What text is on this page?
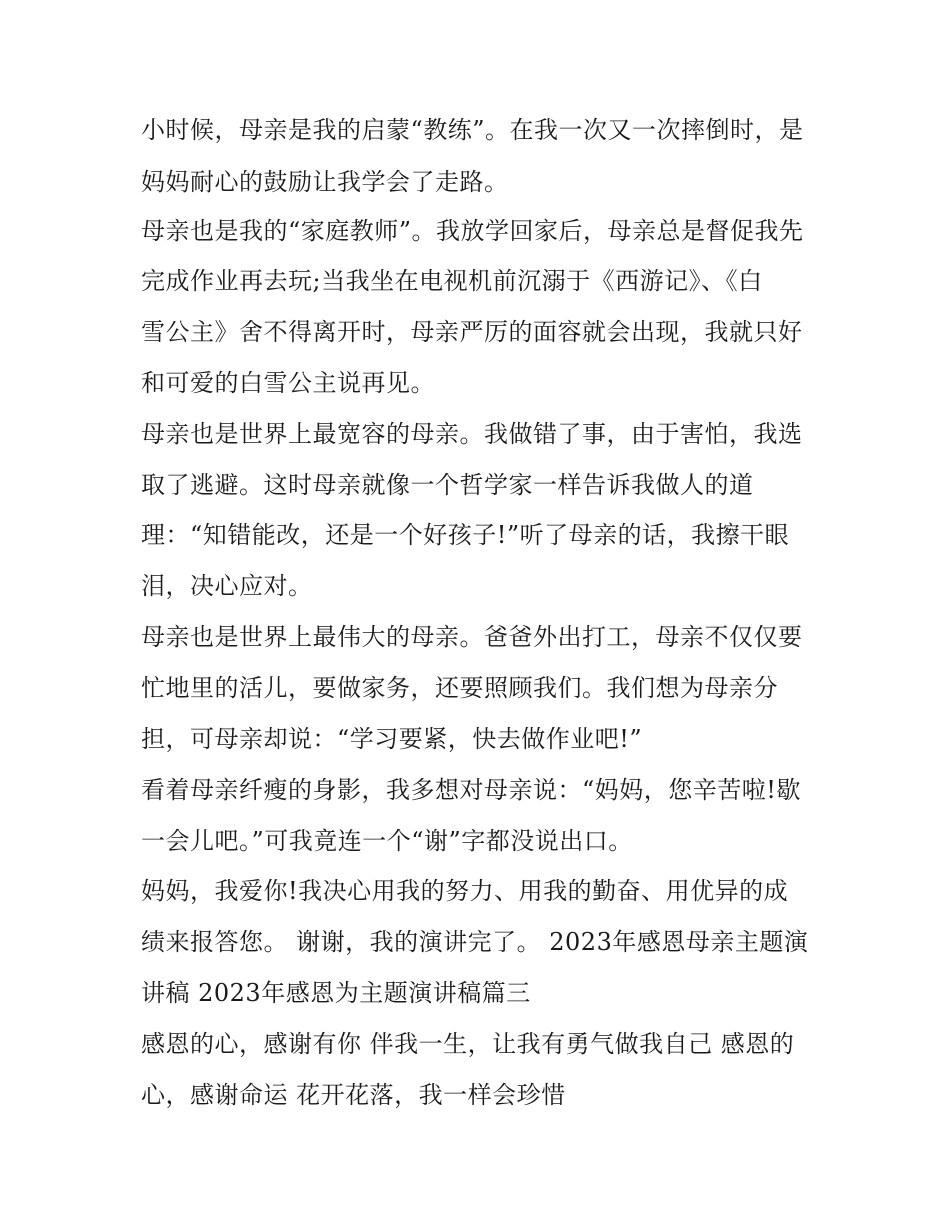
小时候，母亲是我的启蒙“教练”。在我一次又一次摔倒时，是
妈妈耐心的鼓励让我学会了走路。
母亲也是我的“家庭教师”。我放学回家后，母亲总是督促我先
完成作业再去玩;当我坐在电视机前沉溺于《西游记》、《白
雪公主》舍不得离开时，母亲严厉的面容就会出现，我就只好
和可爱的白雪公主说再见。
母亲也是世界上最宽容的母亲。我做错了事，由于害怕，我选
取了逃避。这时母亲就像一个哲学家一样告诉我做人的道
理：“知错能改，还是一个好孩子!”听了母亲的话，我擦干眼
泪，决心应对。
母亲也是世界上最伟大的母亲。爸爸外出打工，母亲不仅仅要
忙地里的活儿，要做家务，还要照顾我们。我们想为母亲分
担，可母亲却说：“学习要紧，快去做作业吧!”
看着母亲纤瘦的身影，我多想对母亲说：“妈妈，您辛苦啦!歇
一会儿吧。”可我竟连一个“谢”字都没说出口。
妈妈，我爱你!我决心用我的努力、用我的勤奋、用优异的成
绩来报答您。 谢谢，我的演讲完了。 2023年感恩母亲主题演
讲稿 2023年感恩为主题演讲稿篇三
感恩的心，感谢有你 伴我一生，让我有勇气做我自己 感恩的
心，感谢命运 花开花落，我一样会珍惜
